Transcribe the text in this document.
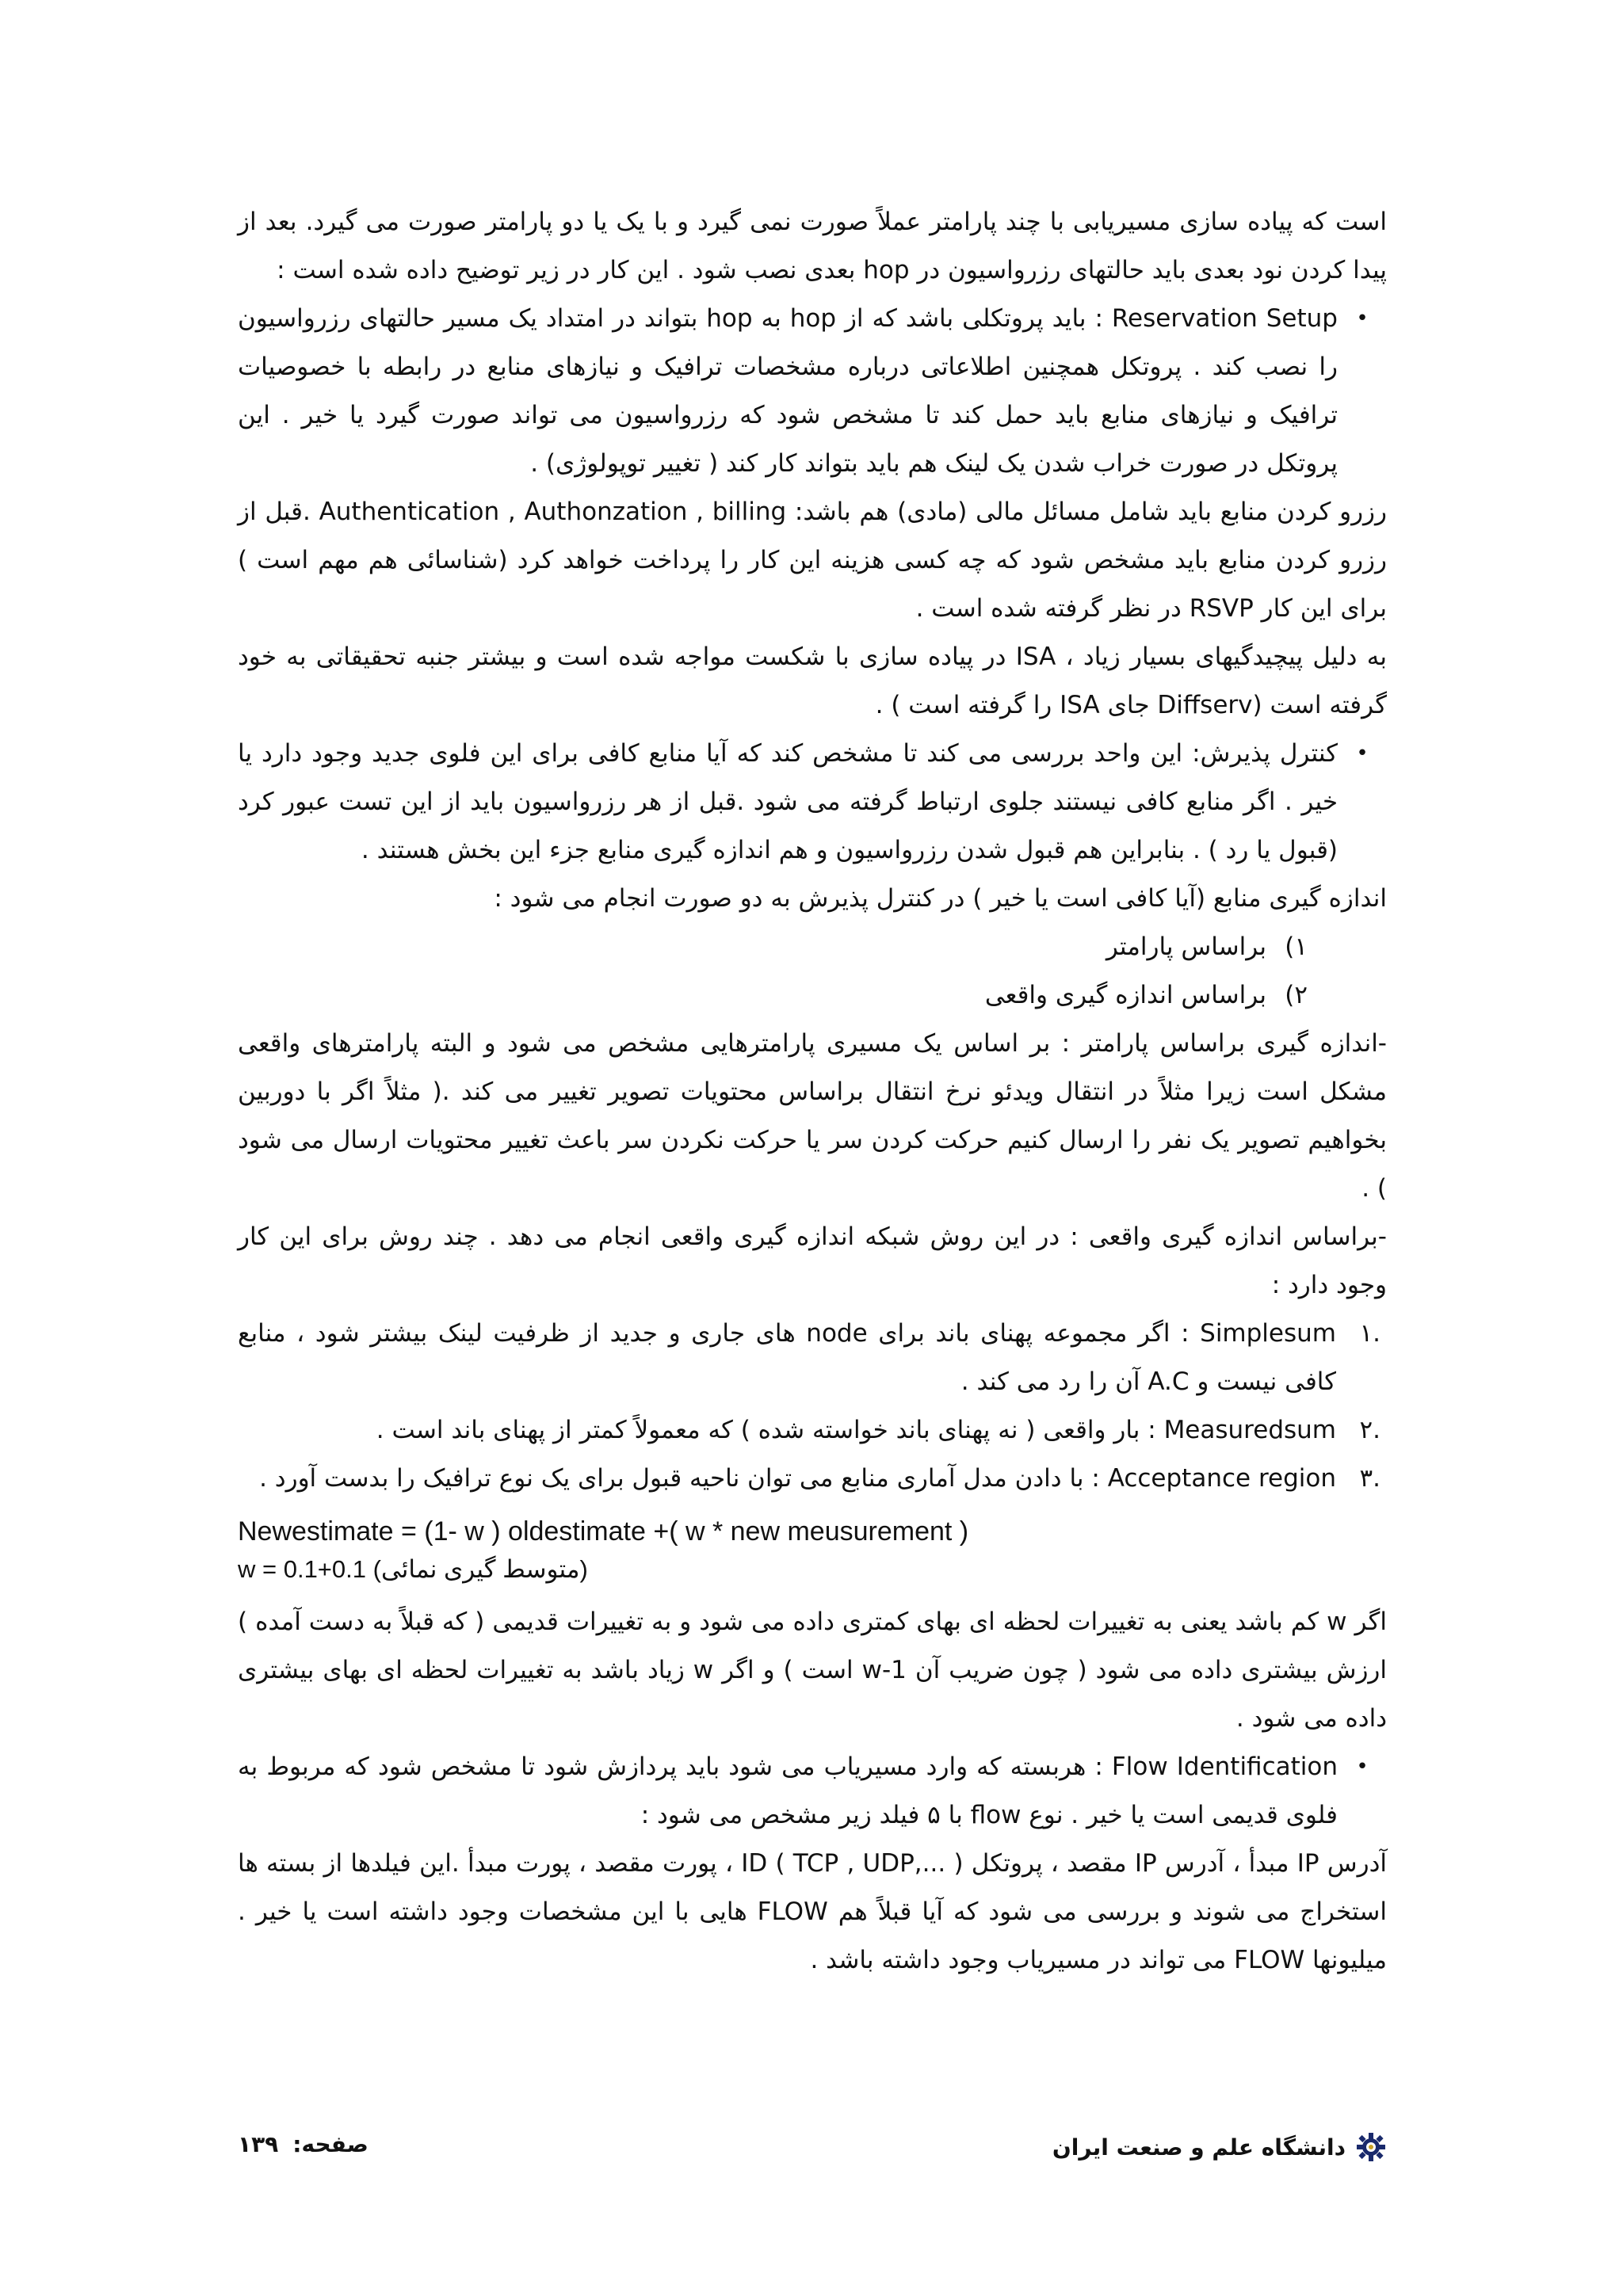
است که پیاده سازی مسیریابی با چند پارامتر عملاً صورت نمی گیرد و با یک یا دو پارامتر صورت می گیرد. بعد از پیدا کردن نود بعدی باید حالتهای رزرواسیون در hop بعدی نصب شود . این کار در زیر توضیح داده شده است :

•
Reservation Setup : باید پروتکلی باشد که از hop به hop بتواند در امتداد یک مسیر حالتهای رزرواسیون را نصب کند . پروتکل همچنین اطلاعاتی درباره مشخصات ترافیک و نیازهای منابع در رابطه با خصوصیات ترافیک و نیازهای منابع باید حمل کند تا مشخص شود که رزرواسیون می تواند صورت گیرد یا خیر . این پروتکل در صورت خراب شدن یک لینک هم باید بتواند کار کند ( تغییر توپولوژی) .

رزرو کردن منابع باید شامل مسائل مالی (مادی) هم باشد: Authentication , Authonzation , billing .قبل از رزرو کردن منابع باید مشخص شود که چه کسی هزینه این کار را پرداخت خواهد کرد (شناسائی هم مهم است ) برای این کار RSVP در نظر گرفته شده است .

به دلیل پیچیدگیهای بسیار زیاد ، ISA در پیاده سازی با شکست مواجه شده است و بیشتر جنبه تحقیقاتی به خود گرفته است (Diffserv جای ISA را گرفته است ) .

•
کنترل پذیرش: این واحد بررسی می کند تا مشخص کند که آیا منابع کافی برای این فلوی جدید وجود دارد یا خیر . اگر منابع کافی نیستند جلوی ارتباط گرفته می شود .قبل از هر رزرواسیون باید از این تست عبور کرد (قبول یا رد ) . بنابراین هم قبول شدن رزرواسیون و هم اندازه گیری منابع جزء این بخش هستند .

اندازه گیری منابع (آیا کافی است یا خیر ) در کنترل پذیرش به دو صورت انجام می شود :

۱)
براساس پارامتر
۲)
براساس اندازه گیری واقعی

-اندازه گیری براساس پارامتر : بر اساس یک مسیری پارامترهایی مشخص می شود و البته پارامترهای واقعی مشکل است زیرا مثلاً در انتقال ویدئو نرخ انتقال براساس محتویات تصویر تغییر می کند .( مثلاً اگر با دوربین بخواهیم تصویر یک نفر را ارسال کنیم حرکت کردن سر یا حرکت نکردن سر باعث تغییر محتویات ارسال می شود ) .

-براساس اندازه گیری واقعی : در این روش شبکه اندازه گیری واقعی انجام می دهد . چند روش برای این کار وجود دارد :

.۱
Simplesum : اگر مجموعه پهنای باند برای node های جاری و جدید از ظرفیت لینک بیشتر شود ، منابع کافی نیست و A.C آن را رد می کند .
.۲
Measuredsum : بار واقعی ( نه پهنای باند خواسته شده ) که معمولاً کمتر از پهنای باند است .
.۳
Acceptance region : با دادن مدل آماری منابع می توان ناحیه قبول برای یک نوع ترافیک را بدست آورد .

Newestimate = (1- w ) oldestimate +( w * new meusurement )

w = 0.1+0.1 (متوسط گیری نمائی)

اگر w کم باشد یعنی به تغییرات لحظه ای بهای کمتری داده می شود و به تغییرات قدیمی ( که قبلاً به دست آمده ) ارزش بیشتری داده می شود ( چون ضریب آن 1-w است ) و اگر w زیاد باشد به تغییرات لحظه ای بهای بیشتری داده می شود .

•
Flow Identification : هربسته که وارد مسیریاب می شود باید پردازش شود تا مشخص شود که مربوط به فلوی قدیمی است یا خیر . نوع flow با ۵ فیلد زیر مشخص می شود :

آدرس IP مبدأ ، آدرس IP مقصد ، پروتکل ID ( TCP , UDP,... ) ، پورت مقصد ، پورت مبدأ .این فیلدها از بسته ها استخراج می شوند و بررسی می شود که آیا قبلاً هم FLOW هایی با این مشخصات وجود داشته است یا خیر . میلیونها FLOW می تواند در مسیریاب وجود داشته باشد .

دانشگاه علم و صنعت ایران
صفحه:
۱۳۹
